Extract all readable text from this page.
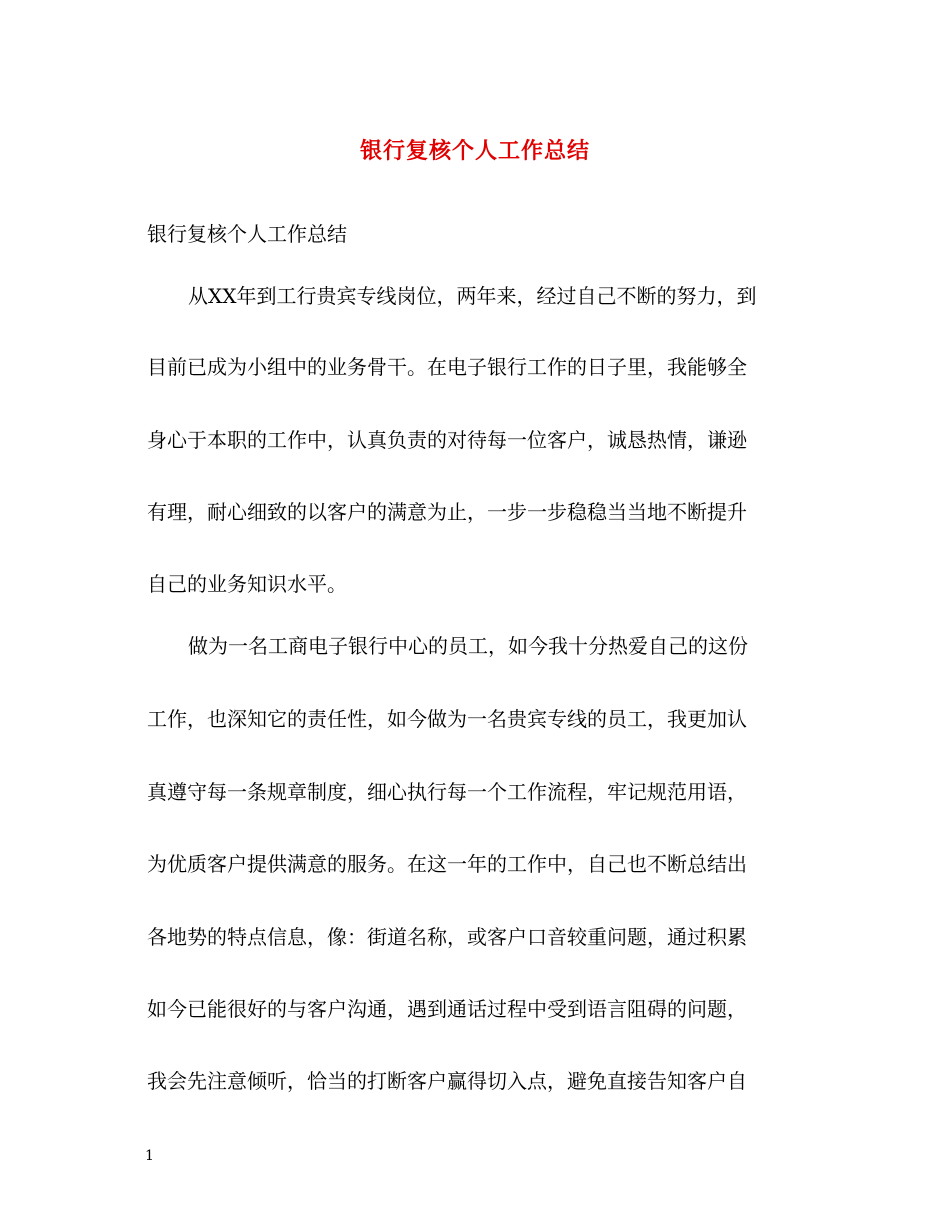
银行复核个人工作总结
银行复核个人工作总结
从XX年到工行贵宾专线岗位，两年来，经过自己不断的努力，到
目前已成为小组中的业务骨干。在电子银行工作的日子里，我能够全
身心于本职的工作中，认真负责的对待每一位客户，诚恳热情，谦逊
有理，耐心细致的以客户的满意为止，一步一步稳稳当当地不断提升
自己的业务知识水平。
做为一名工商电子银行中心的员工，如今我十分热爱自己的这份
工作，也深知它的责任性，如今做为一名贵宾专线的员工，我更加认
真遵守每一条规章制度，细心执行每一个工作流程，牢记规范用语，
为优质客户提供满意的服务。在这一年的工作中，自己也不断总结出
各地势的特点信息，像：街道名称，或客户口音较重问题，通过积累
如今已能很好的与客户沟通，遇到通话过程中受到语言阻碍的问题，
我会先注意倾听，恰当的打断客户赢得切入点，避免直接告知客户自
1
